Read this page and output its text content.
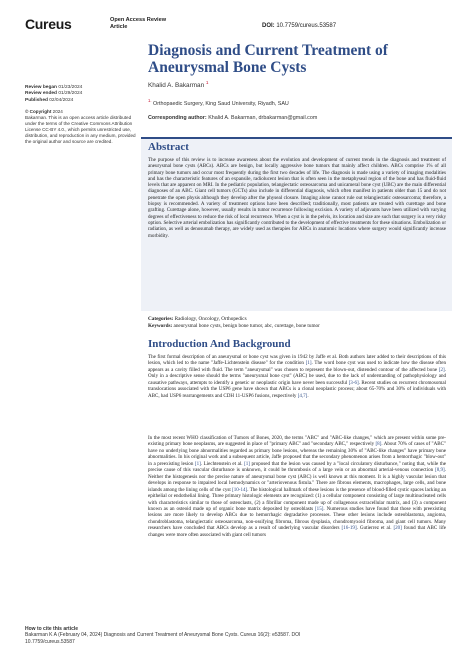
Cureus	Open Access Review
Article	DOI: 10.7759/cureus.53587
Diagnosis and Current Treatment of Aneurysmal Bone Cysts
Khalid A. Bakarman $^1$
$^{1.}$ Orthopaedic Surgery, King Saud University, Riyadh, SAU
Corresponding author: Khalid A. Bakarman, drbakarman@gmail.com
Review began 01/23/2024
Review ended 01/29/2024
Published 02/04/2024
© Copyright 2024
Bakarman. This is an open access article distributed under the terms of the Creative Commons Attribution License CC-BY 4.0., which permits unrestricted use, distribution, and reproduction in any medium, provided the original author and source are credited.	Abstract

The purpose of this review is to increase awareness about the evolution and development of current trends in the diagnosis and treatment of aneurysmal bone cysts (ABCs). ABCs are benign, but locally aggressive bone tumors that mainly affect children. ABCs comprise 1% of all primary bone tumors and occur most frequently during the first two decades of life. The diagnosis is made using a variety of imaging modalities and has the characteristic features of an expansile, radiolucent lesion that is often seen in the metaphyseal region of the bone and has fluid-fluid levels that are apparent on MRI. In the pediatric population, telangiectatic osteosarcoma and unicameral bone cyst (UBC) are the main differential diagnoses of an ABC. Giant cell tumors (GCTs) also include in differential diagnosis, which often manifest in patients older than 15 and do not penetrate the open physis although they develop after the physeal closure. Imaging alone cannot rule out telangiectatic osteosarcoma; therefore, a biopsy is recommended. A variety of treatment options have been described; traditionally, most patients are treated with curettage and bone grafting. Curettage alone, however, usually results in tumor recurrence following excision. A variety of adjuvants have been utilized with varying degrees of effectiveness to reduce the risk of local recurrence. When a cyst is in the pelvis, its location and size are such that surgery is a very risky option. Selective arterial embolization has significantly contributed to the development of effective treatments for these situations. Embolization or radiation, as well as denosumab therapy, are widely used as therapies for ABCs in anatomic locations where surgery would significantly increase morbidity.

Categories: Radiology, Oncology, Orthopedics
Keywords: aneurysmal bone cysts, benign bone tumor, abc, curettage, bone tumor
Introduction And Background

The first formal description of an aneurysmal or bone cyst was given in 1942 by Jaffe et al. Both authors later added to their descriptions of this lesion, which led to the name "Jaffe-Lichtenstein disease" for the condition [1]. The word bone cyst was used to indicate how the disease often appears as a cavity filled with fluid. The term "aneurysmal" was chosen to represent the blown-out, distended contour of the affected bone [2]. Only in a descriptive sense should the terms "aneurysmal bone cyst" (ABC) be used, due to the lack of understanding of pathophysiology and causative pathways, attempts to identify a genetic or neoplastic origin have never been successful [3-6]. Recent studies on recurrent chromosomal translocations associated with the USP6 gene have shown that ABCs is a clonal neoplastic process; about 65-70% and 30% of individuals with ABC, had USP6 rearrangements and CDH 11-USP6 fusions, respectively [4,7].

In the most recent WHO classification of Tumors of Bones, 2020, the terms "ABC" and "ABC-like changes," which are present within some pre-existing primary bone neoplasms, are suggested in place of "primary ABC" and "secondary ABC," respectively [8]. About 70% of cases of "ABC" have no underlying bone abnormalities regarded as primary bone lesions, whereas the remaining 30% of "ABC-like changes" have primary bone abnormalities. In his original work and a subsequent article, Jaffe proposed that the secondary phenomenon arises from a hemorrhagic "blow-out" in a preexisting lesion [1]. Liechtenstein et al. [1] proposed that the lesion was caused by a "local circulatory disturbance," noting that, while the precise cause of this vascular disturbance is unknown, it could be thrombosis of a large vein or an abnormal arterial-venous connection [8,9]. Neither the histogenesis nor the precise nature of aneurysmal bone cyst (ABC) is well known at this moment. It is a highly vascular lesion that develops in response to impaired local hemodynamics or "arteriovenous fistula." There are fibrous elements, macrophages, large cells, and bone islands among the lining cells of the cyst [10-14]. The histological hallmark of these lesions is the presence of blood-filled cystic spaces lacking an epithelial or endothelial lining. Three primary histologic elements are recognized: (1) a cellular component consisting of large multinucleated cells with characteristics similar to those of osteoclasts, (2) a fibrillar component made up of collagenous extracellular matrix, and (3) a component known as an osteoid made up of organic bone matrix deposited by osteoblasts [15]. Numerous studies have found that those with preexisting lesions are more likely to develop ABCs due to hemorrhagic degradative processes. These other lesions include osteoblastoma, angioma, chondroblastoma, telangiectatic osteosarcoma, non-ossifying fibroma, fibrous dysplasia, chondromyxoid fibroma, and giant cell tumors. Many researchers have concluded that ABCs develop as a result of underlying vascular disorders [16-19]. Gutierrez et al. [20] found that ABC life changes were more often associated with giant cell tumors

How to cite this article
Bakarman K A (February 04, 2024) Diagnosis and Current Treatment of Aneurysmal Bone Cysts. Cureus 16(2): e53587. DOI
10.7759/cureus.53587
